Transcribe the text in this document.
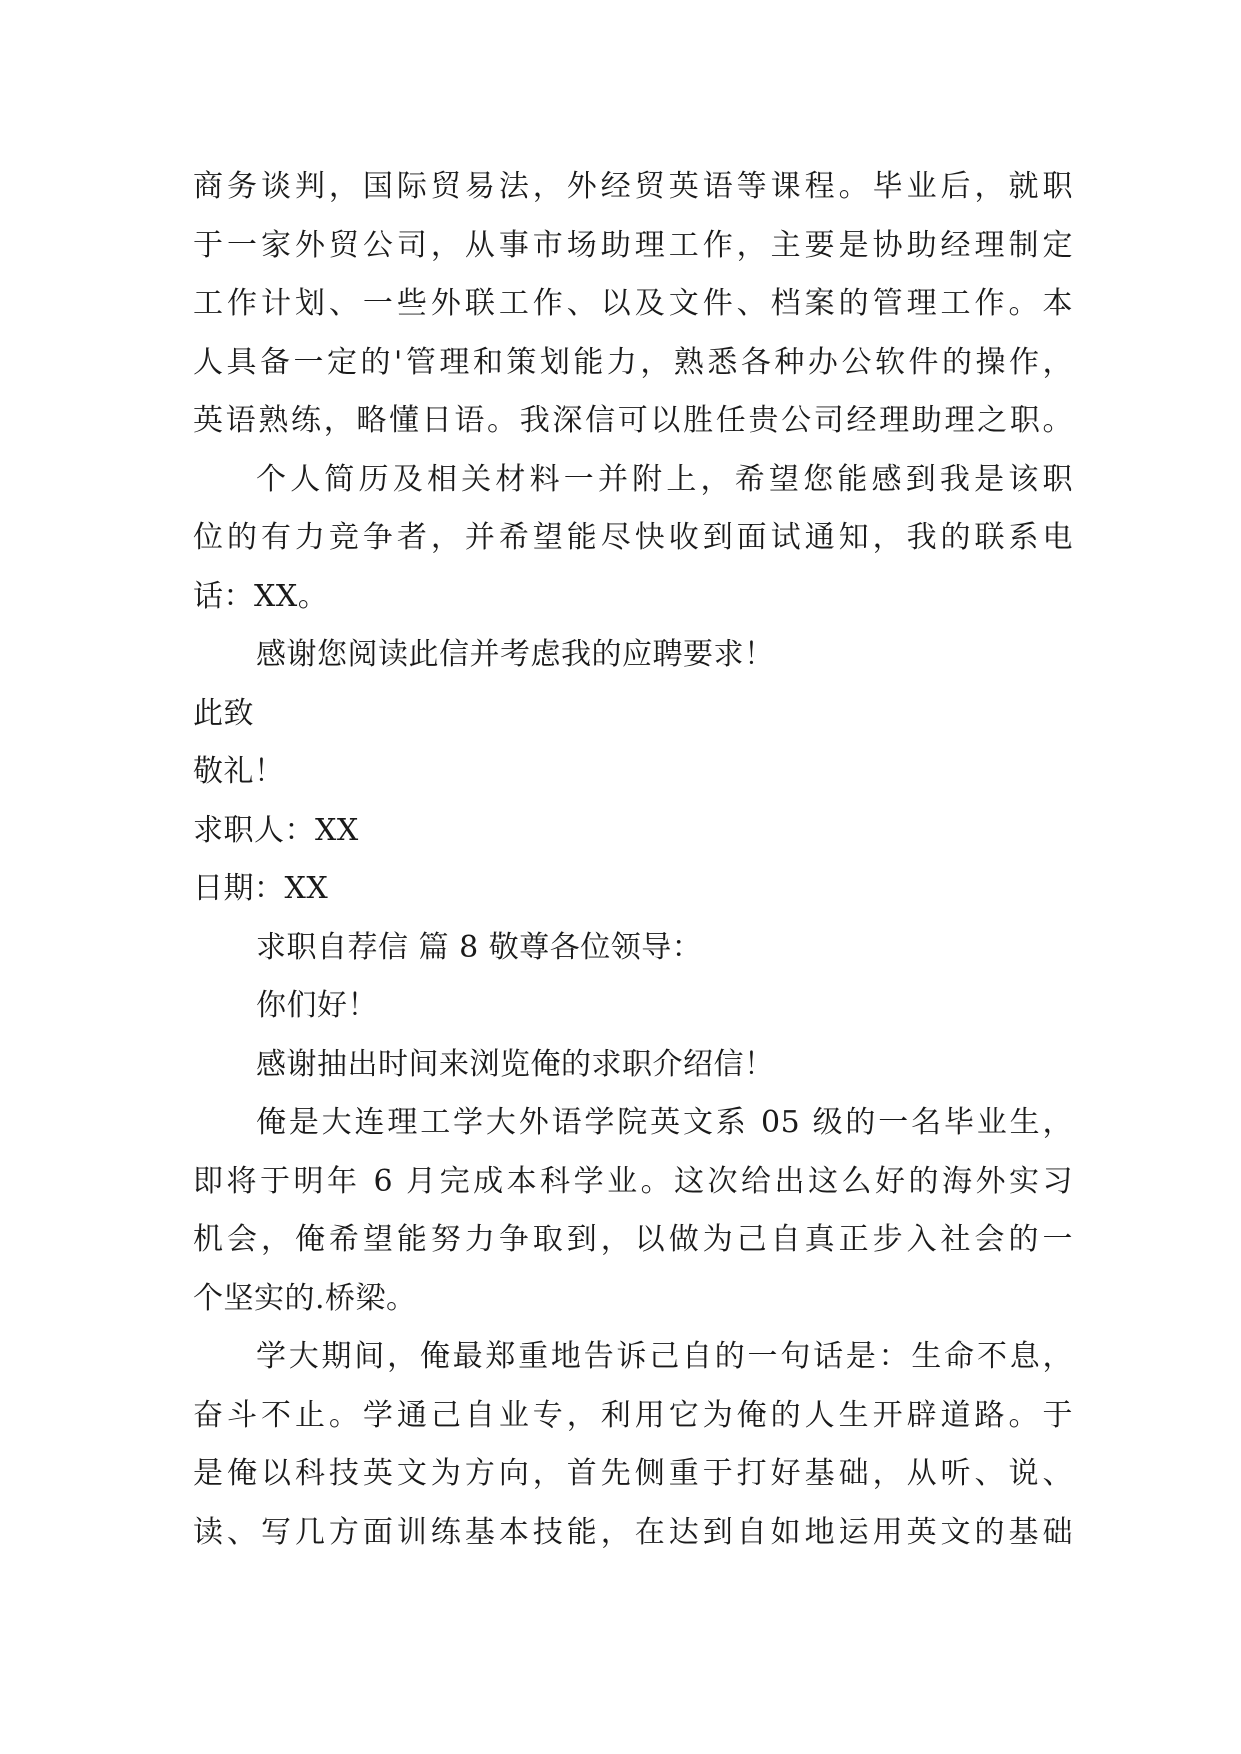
商务谈判，国际贸易法，外经贸英语等课程。毕业后，就职
于一家外贸公司，从事市场助理工作，主要是协助经理制定
工作计划、一些外联工作、以及文件、档案的管理工作。本
人具备一定的'管理和策划能力，熟悉各种办公软件的操作，
英语熟练，略懂日语。我深信可以胜任贵公司经理助理之职。
个人简历及相关材料一并附上，希望您能感到我是该职
位的有力竞争者，并希望能尽快收到面试通知，我的联系电
话：XX。
感谢您阅读此信并考虑我的应聘要求！
此致
敬礼！
求职人：XX
日期：XX
求职自荐信 篇 8 敬尊各位领导：
你们好！
感谢抽出时间来浏览俺的求职介绍信！
俺是大连理工学大外语学院英文系 05 级的一名毕业生，
即将于明年 6 月完成本科学业。这次给出这么好的海外实习
机会，俺希望能努力争取到，以做为己自真正步入社会的一
个坚实的.桥梁。
学大期间，俺最郑重地告诉己自的一句话是：生命不息，
奋斗不止。学通己自业专，利用它为俺的人生开辟道路。于
是俺以科技英文为方向，首先侧重于打好基础，从听、说、
读、写几方面训练基本技能，在达到自如地运用英文的基础
